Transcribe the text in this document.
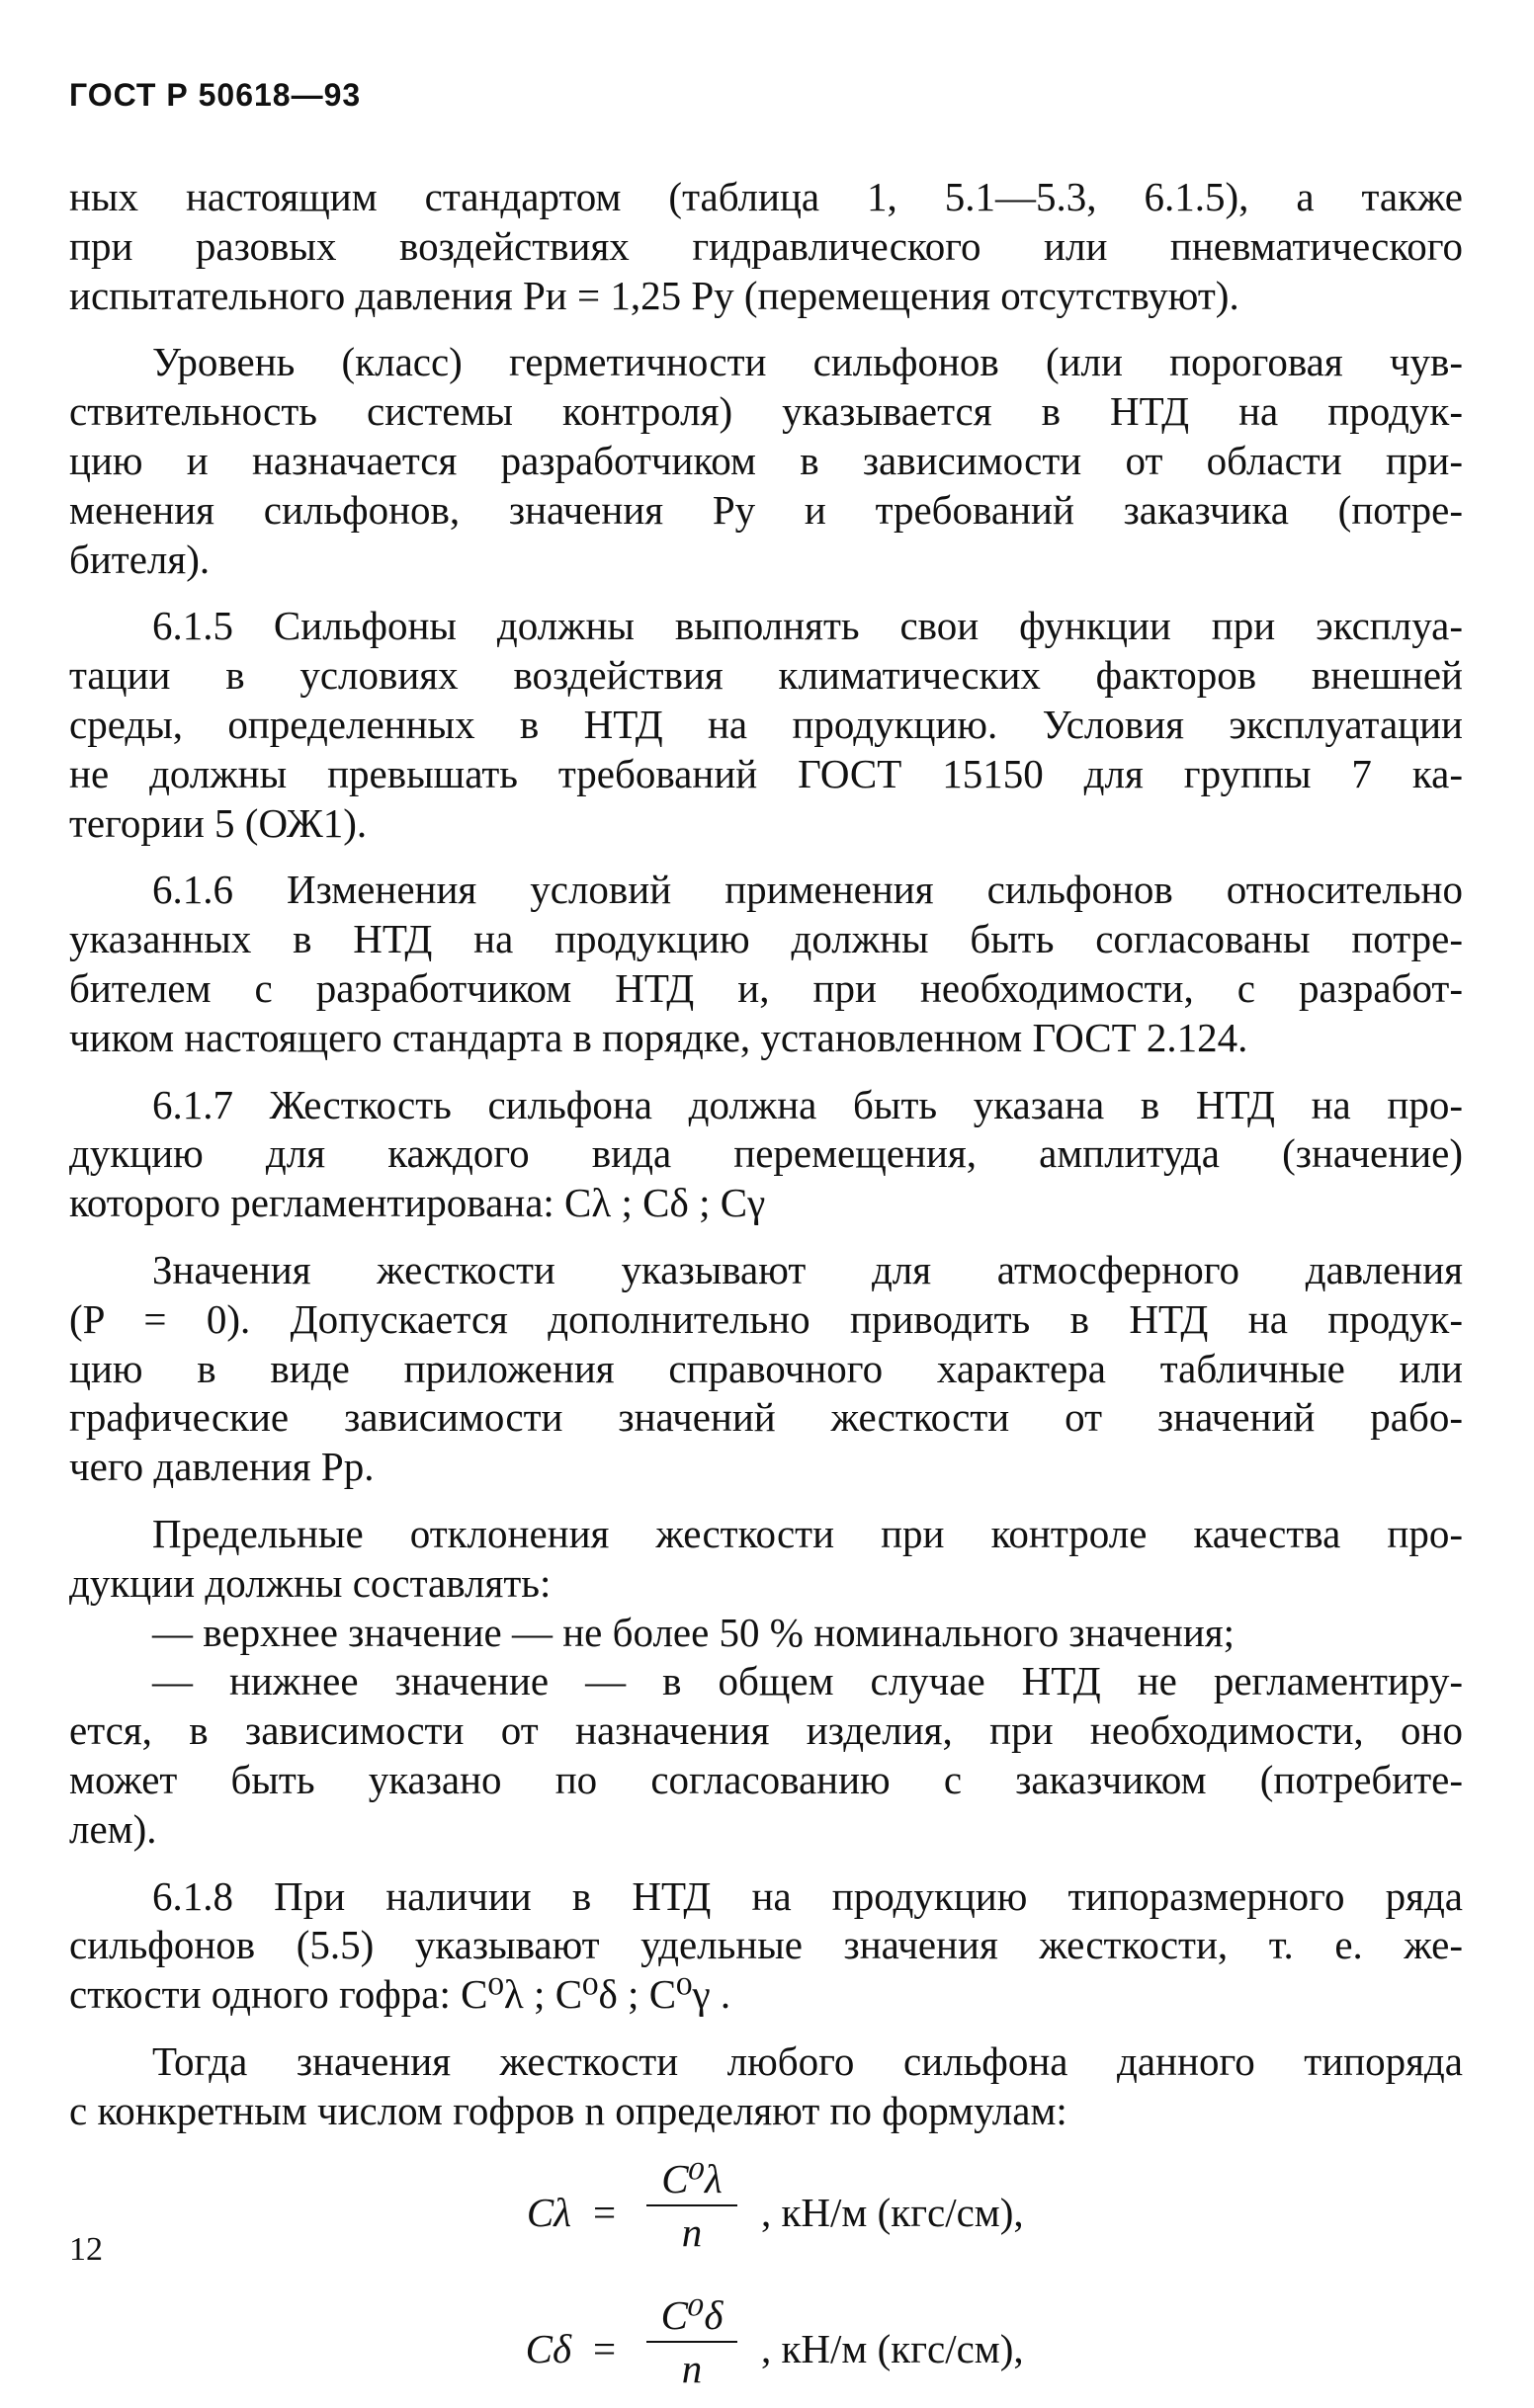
ГОСТ Р 50618—93
ных настоящим стандартом (таблица 1, 5.1—5.3, 6.1.5), а также
при разовых воздействиях гидравлического или пневматического
испытательного давления Pи = 1,25 Pу (перемещения отсутствуют).
Уровень (класс) герметичности сильфонов (или пороговая чув-
ствительность системы контроля) указывается в НТД на продук-
цию и назначается разработчиком в зависимости от области при-
менения сильфонов, значения Pу и требований заказчика (потре-
бителя).
6.1.5 Сильфоны должны выполнять свои функции при эксплуа-
тации в условиях воздействия климатических факторов внешней
среды, определенных в НТД на продукцию. Условия эксплуатации
не должны превышать требований ГОСТ 15150 для группы 7 ка-
тегории 5 (ОЖ1).
6.1.6 Изменения условий применения сильфонов относительно
указанных в НТД на продукцию должны быть согласованы потре-
бителем с разработчиком НТД и, при необходимости, с разработ-
чиком настоящего стандарта в порядке, установленном ГОСТ 2.124.
6.1.7 Жесткость сильфона должна быть указана в НТД на про-
дукцию для каждого вида перемещения, амплитуда (значение)
которого регламентирована: Cλ ; Cδ ; Cγ
Значения жесткости указывают для атмосферного давления
(P = 0). Допускается дополнительно приводить в НТД на продук-
цию в виде приложения справочного характера табличные или
графические зависимости значений жесткости от значений рабо-
чего давления Pр.
Предельные отклонения жесткости при контроле качества про-
дукции должны составлять:
— верхнее значение — не более 50 % номинального значения;
— нижнее значение — в общем случае НТД не регламентиру-
ется, в зависимости от назначения изделия, при необходимости, оно
может быть указано по согласованию с заказчиком (потребите-
лем).
6.1.8 При наличии в НТД на продукцию типоразмерного ряда
сильфонов (5.5) указывают удельные значения жесткости, т. е. же-
сткости одного гофра: C⁰λ ; C⁰δ ; C⁰γ .
Тогда значения жесткости любого сильфона данного типоряда
с конкретным числом гофров n определяют по формулам:
Cλ =
C⁰λ
n	, кН/м (кгс/см),
Cδ =
C⁰δ
n	, кН/м (кгс/см),
12
